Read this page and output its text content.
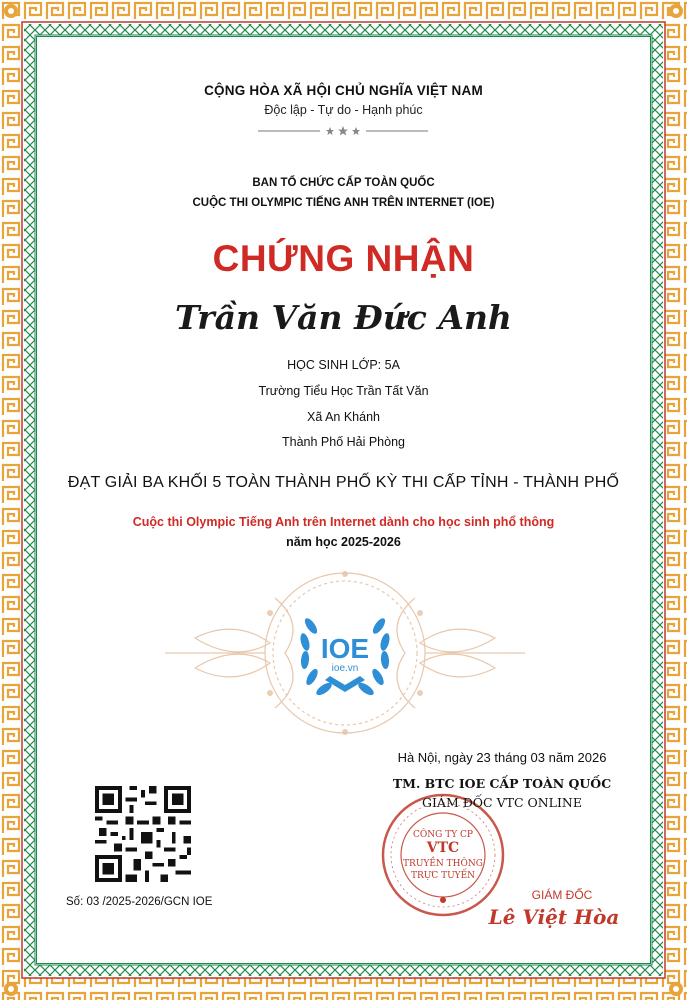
CỘNG HÒA XÃ HỘI CHỦ NGHĨA VIỆT NAM
Độc lập - Tự do - Hạnh phúc
BAN TỔ CHỨC CẤP TOÀN QUỐC
CUỘC THI OLYMPIC TIẾNG ANH TRÊN INTERNET (IOE)
CHỨNG NHẬN
Trần Văn Đức Anh
HỌC SINH LỚP: 5A
Trường Tiểu Học Trần Tất Văn
Xã An Khánh
Thành Phố Hải Phòng
ĐẠT GIẢI BA KHỐI 5 TOÀN THÀNH PHỐ KỲ THI CẤP TỈNH - THÀNH PHỐ
Cuộc thi Olympic Tiếng Anh trên Internet dành cho học sinh phổ thông
năm học 2025-2026
IOE
ioe.vn
Hà Nội, ngày 23 tháng 03 năm 2026
CÔNG TY CP
VTC
TRUYỀN THÔNG
TRỰC TUYẾN
TM. BTC IOE CẤP TOÀN QUỐC
GIÁM ĐỐC VTC ONLINE
GIÁM ĐỐC
Lê Việt Hòa
Số: 03 /2025-2026/GCN IOE
